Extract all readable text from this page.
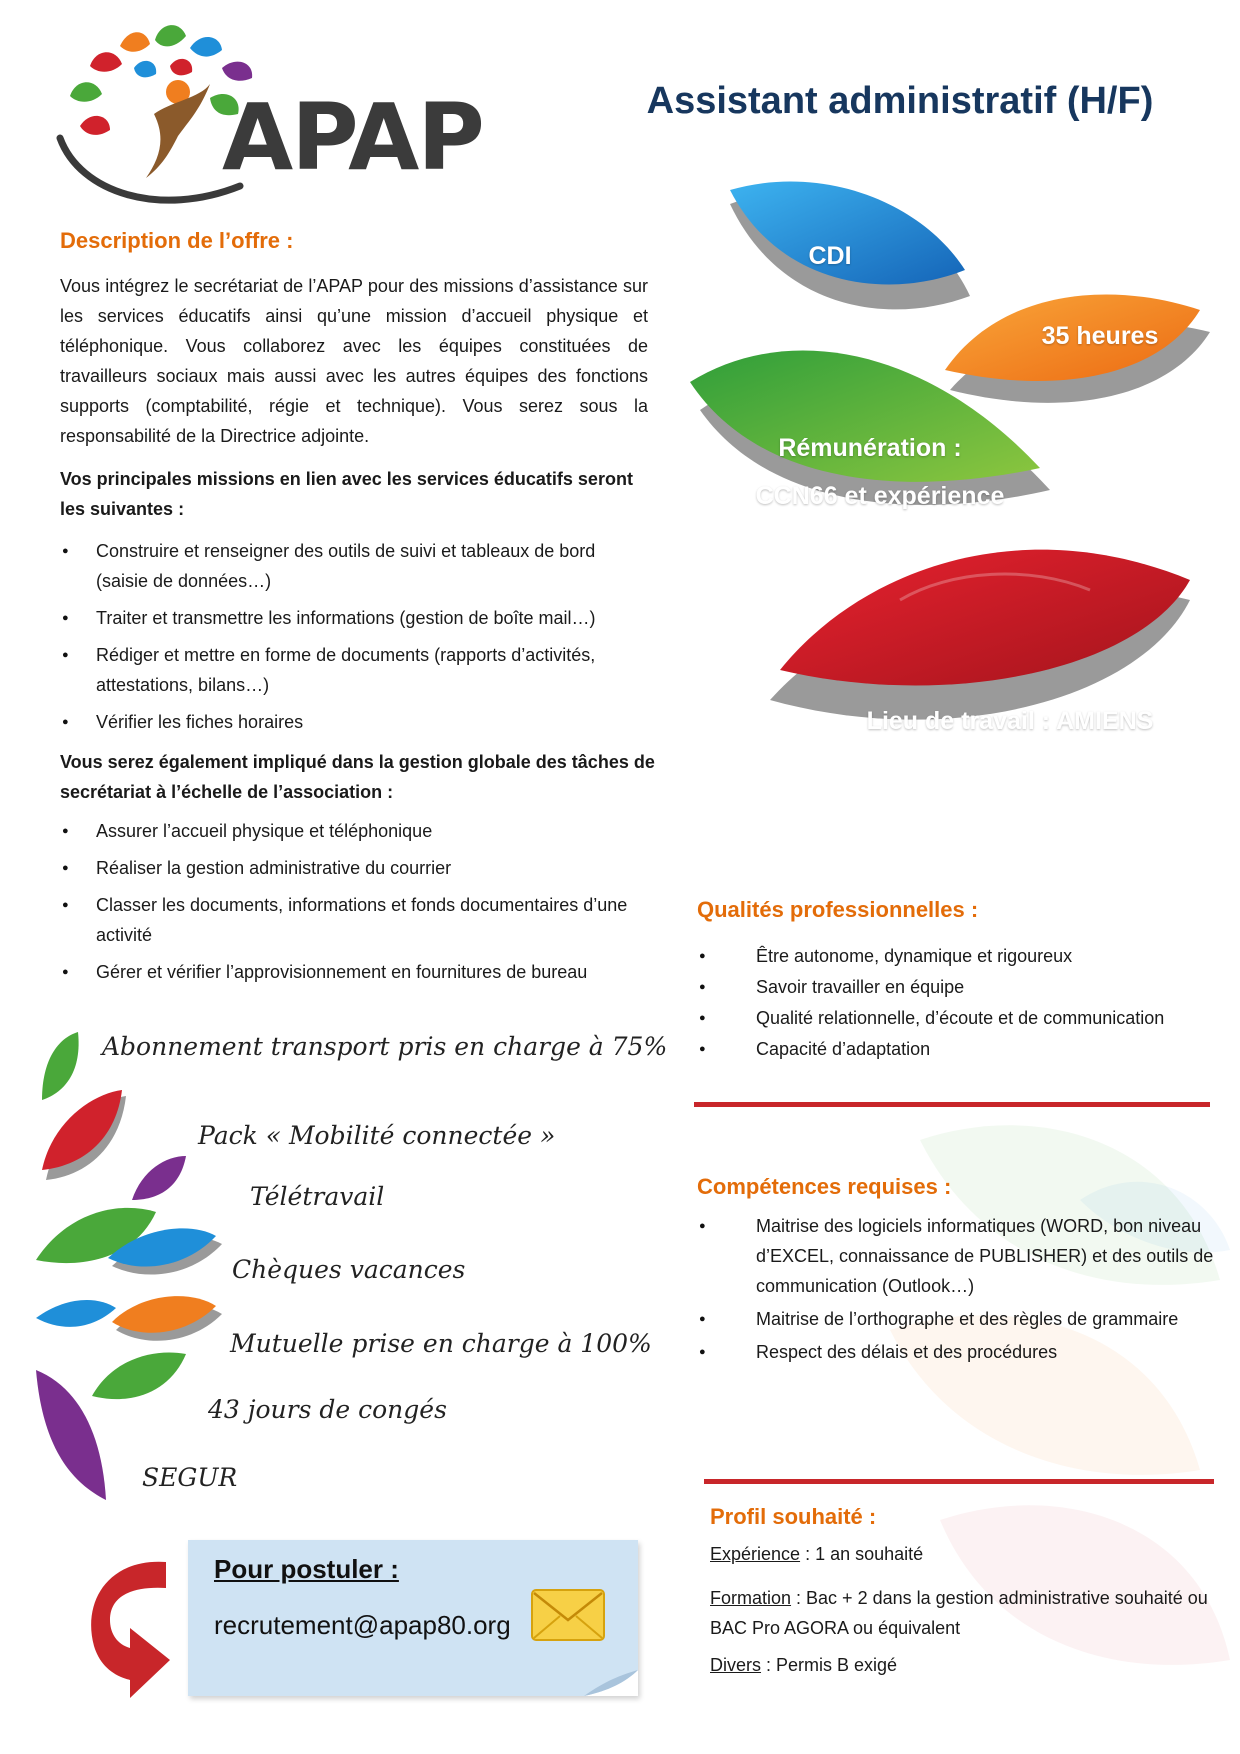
APAP	Assistant administratif (H/F)
Description de l’offre :
Vous intégrez le secrétariat de l’APAP pour des missions d’assistance sur les services éducatifs ainsi qu’une mission d’accueil physique et téléphonique. Vous collaborez avec les équipes constituées de travailleurs sociaux mais aussi avec les autres équipes des fonctions supports (comptabilité, régie et technique). Vous serez sous la responsabilité de la Directrice adjointe.
Vos principales missions en lien avec les services éducatifs seront les suivantes :
● Construire et renseigner des outils de suivi et tableaux de bord (saisie de données…)
● Traiter et transmettre les informations (gestion de boîte mail…)
● Rédiger et mettre en forme de documents (rapports d’activités, attestations, bilans…)
● Vérifier les fiches horaires
Vous serez également impliqué dans la gestion globale des tâches de secrétariat à l’échelle de l’association :
● Assurer l’accueil physique et téléphonique
● Réaliser la gestion administrative du courrier
● Classer les documents, informations et fonds documentaires d’une activité
● Gérer et vérifier l’approvisionnement en fournitures de bureau
CDI
35 heures
Rémunération :
CCN66 et expérience
Lieu de travail : AMIENS
Qualités professionnelles :
● Être autonome, dynamique et rigoureux
● Savoir travailler en équipe
● Qualité relationnelle, d’écoute et de communication
● Capacité d’adaptation
Compétences requises :
● Maitrise des logiciels informatiques (WORD, bon niveau d’EXCEL, connaissance de PUBLISHER) et des outils de communication (Outlook…)
● Maitrise de l’orthographe et des règles de grammaire
● Respect des délais et des procédures
Profil souhaité :
Expérience : 1 an souhaité
Formation : Bac + 2 dans la gestion administrative souhaité ou BAC Pro AGORA ou équivalent
Divers : Permis B exigé
Abonnement transport pris en charge à 75%
Pack « Mobilité connectée »
Télétravail
Chèques vacances
Mutuelle prise en charge à 100%
43 jours de congés
SEGUR
Pour postuler :
recrutement@apap80.org
